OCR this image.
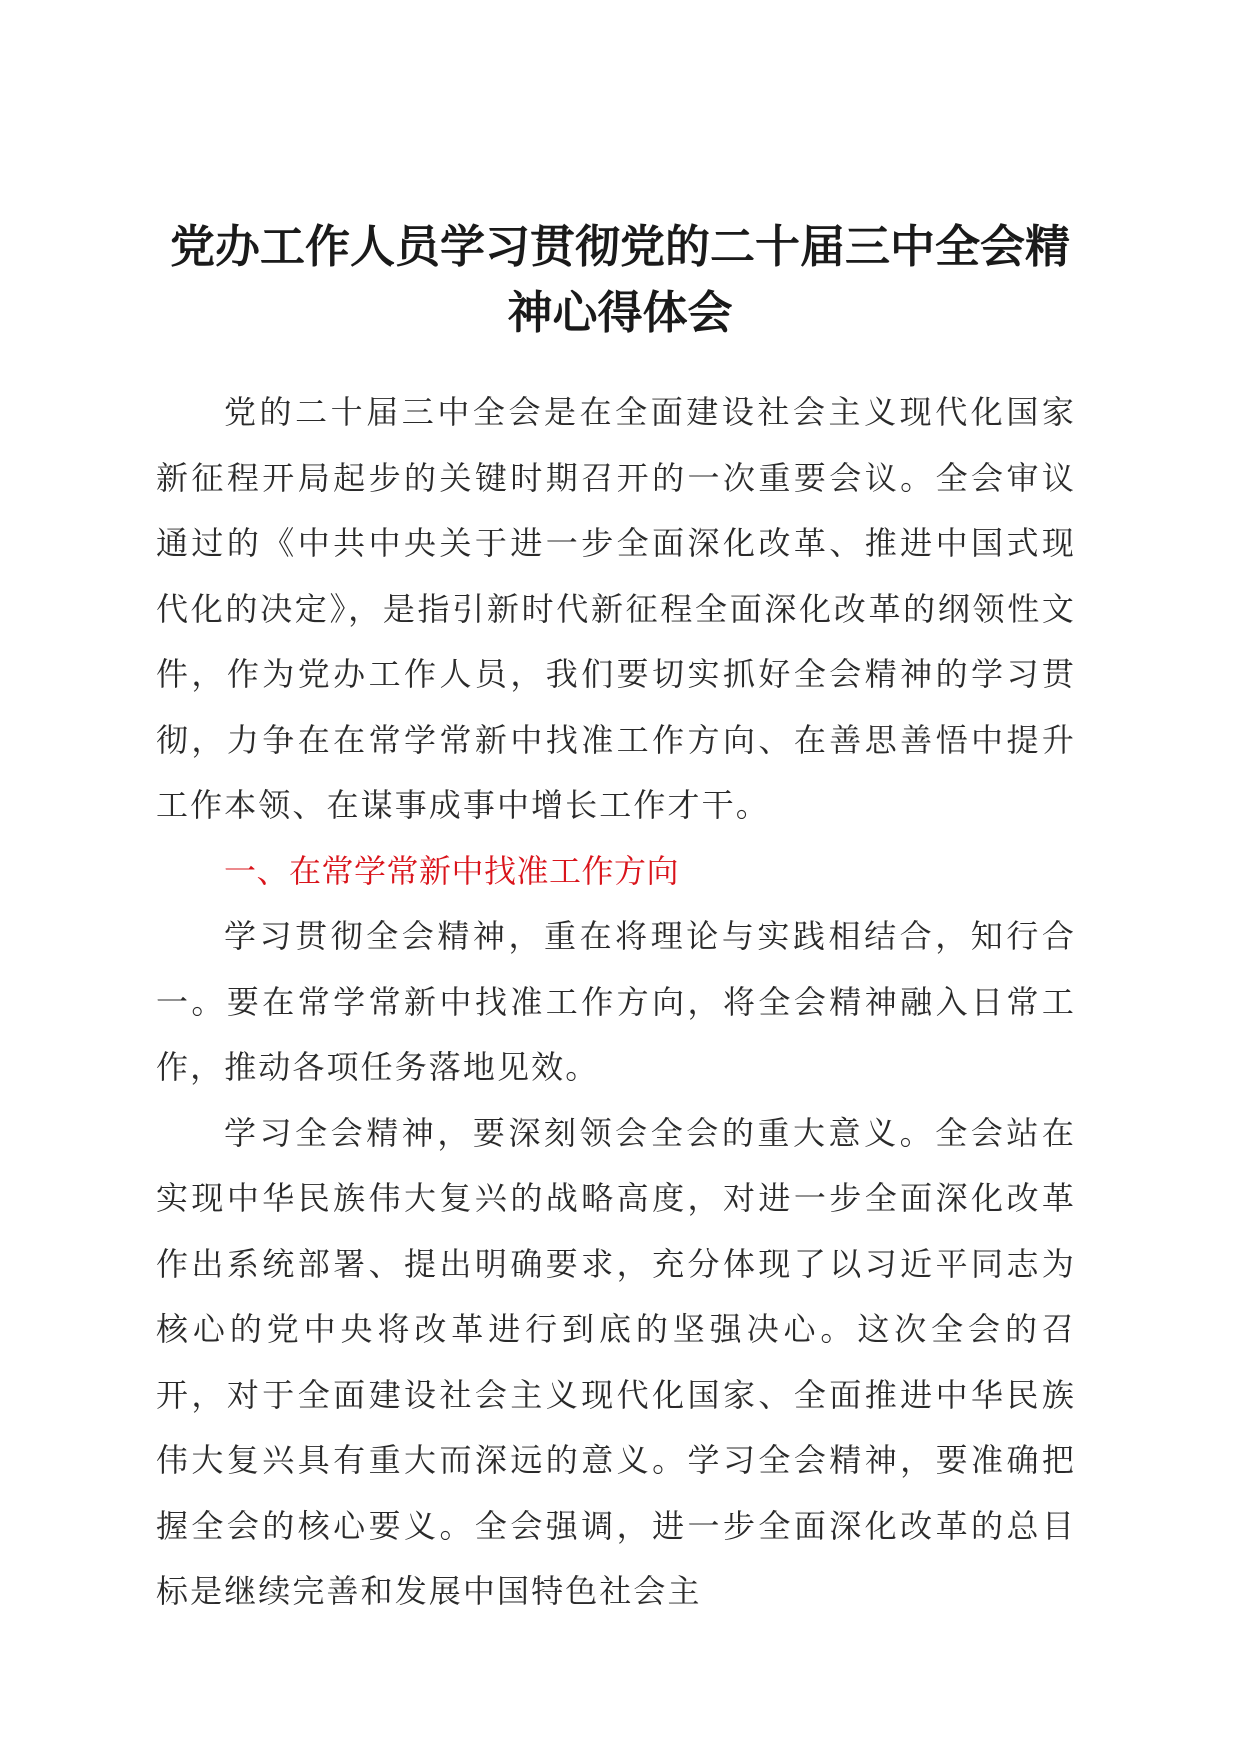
党办工作人员学习贯彻党的二十届三中全会精神心得体会

党的二十届三中全会是在全面建设社会主义现代化国家新征程开局起步的关键时期召开的一次重要会议。全会审议通过的《中共中央关于进一步全面深化改革、推进中国式现代化的决定》，是指引新时代新征程全面深化改革的纲领性文件，作为党办工作人员，我们要切实抓好全会精神的学习贯彻，力争在在常学常新中找准工作方向、在善思善悟中提升工作本领、在谋事成事中增长工作才干。

一、在常学常新中找准工作方向

学习贯彻全会精神，重在将理论与实践相结合，知行合一。要在常学常新中找准工作方向，将全会精神融入日常工作，推动各项任务落地见效。

学习全会精神，要深刻领会全会的重大意义。全会站在实现中华民族伟大复兴的战略高度，对进一步全面深化改革作出系统部署、提出明确要求，充分体现了以习近平同志为核心的党中央将改革进行到底的坚强决心。这次全会的召开，对于全面建设社会主义现代化国家、全面推进中华民族伟大复兴具有重大而深远的意义。学习全会精神，要准确把握全会的核心要义。全会强调，进一步全面深化改革的总目标是继续完善和发展中国特色社会主
